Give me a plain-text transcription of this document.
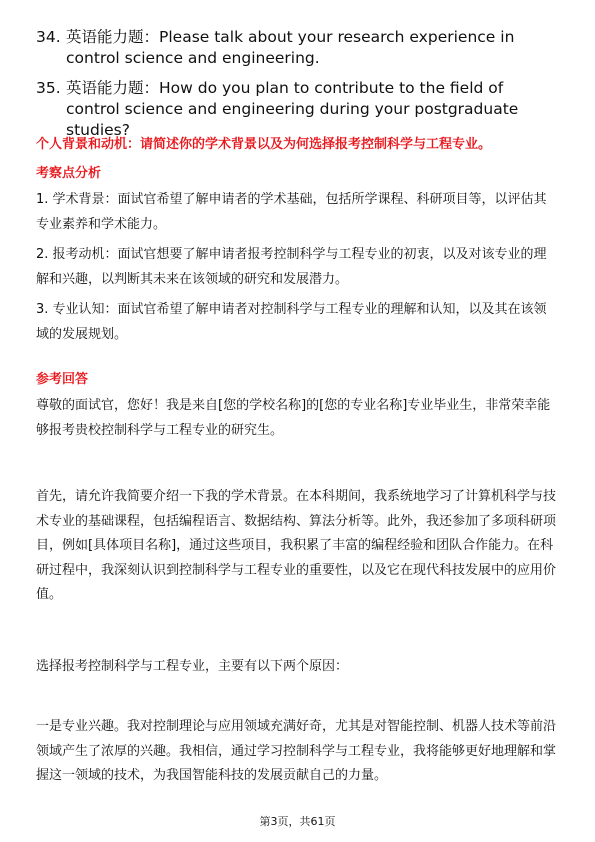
34. 英语能力题：Please talk about your research experience in control science and engineering.
35. 英语能力题：How do you plan to contribute to the field of control science and engineering during your postgraduate studies?
个人背景和动机：请简述你的学术背景以及为何选择报考控制科学与工程专业。
考察点分析
1. 学术背景：面试官希望了解申请者的学术基础，包括所学课程、科研项目等，以评估其专业素养和学术能力。
2. 报考动机：面试官想要了解申请者报考控制科学与工程专业的初衷，以及对该专业的理解和兴趣，以判断其未来在该领域的研究和发展潜力。
3. 专业认知：面试官希望了解申请者对控制科学与工程专业的理解和认知，以及其在该领域的发展规划。
参考回答
尊敬的面试官，您好！我是来自[您的学校名称]的[您的专业名称]专业毕业生，非常荣幸能够报考贵校控制科学与工程专业的研究生。
首先，请允许我简要介绍一下我的学术背景。在本科期间，我系统地学习了计算机科学与技术专业的基础课程，包括编程语言、数据结构、算法分析等。此外，我还参加了多项科研项目，例如[具体项目名称]，通过这些项目，我积累了丰富的编程经验和团队合作能力。在科研过程中，我深刻认识到控制科学与工程专业的重要性，以及它在现代科技发展中的应用价值。
选择报考控制科学与工程专业，主要有以下两个原因：
一是专业兴趣。我对控制理论与应用领域充满好奇，尤其是对智能控制、机器人技术等前沿领域产生了浓厚的兴趣。我相信，通过学习控制科学与工程专业，我将能够更好地理解和掌握这一领域的技术，为我国智能科技的发展贡献自己的力量。
第3页，共61页
